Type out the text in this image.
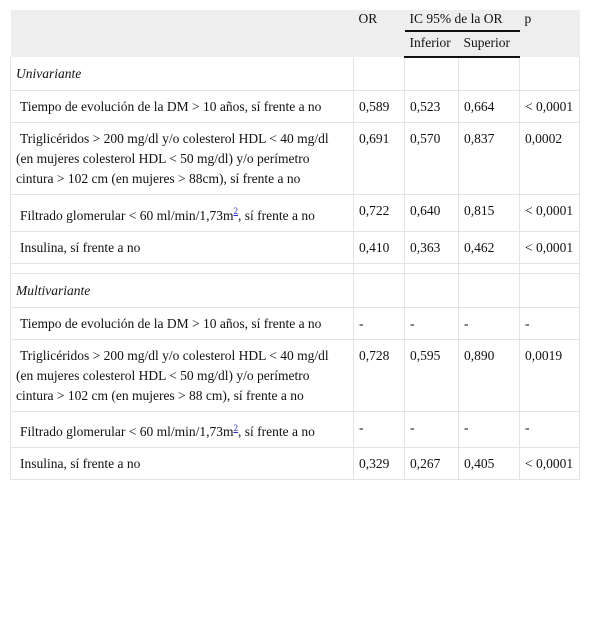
	OR	IC 95% de la OR		p
		Inferior	Superior	
Univariante				
Tiempo de evolución de la DM > 10 años, sí frente a no	0,589	0,523	0,664	< 0,0001
Triglicéridos > 200 mg/dl y/o colesterol HDL < 40 mg/dl (en mujeres colesterol HDL < 50 mg/dl) y/o perímetro cintura > 102 cm (en mujeres > 88cm), sí frente a no	0,691	0,570	0,837	0,0002
Filtrado glomerular < 60 ml/min/1,73m$^2$, sí frente a no	0,722	0,640	0,815	< 0,0001
Insulina, sí frente a no	0,410	0,363	0,462	< 0,0001

Multivariante				
Tiempo de evolución de la DM > 10 años, sí frente a no	-	-	-	-
Triglicéridos > 200 mg/dl y/o colesterol HDL < 40 mg/dl (en mujeres colesterol HDL < 50 mg/dl) y/o perímetro cintura > 102 cm (en mujeres > 88 cm), sí frente a no	0,728	0,595	0,890	0,0019
Filtrado glomerular < 60 ml/min/1,73m$^2$, sí frente a no	-	-	-	-
Insulina, sí frente a no	0,329	0,267	0,405	< 0,0001
